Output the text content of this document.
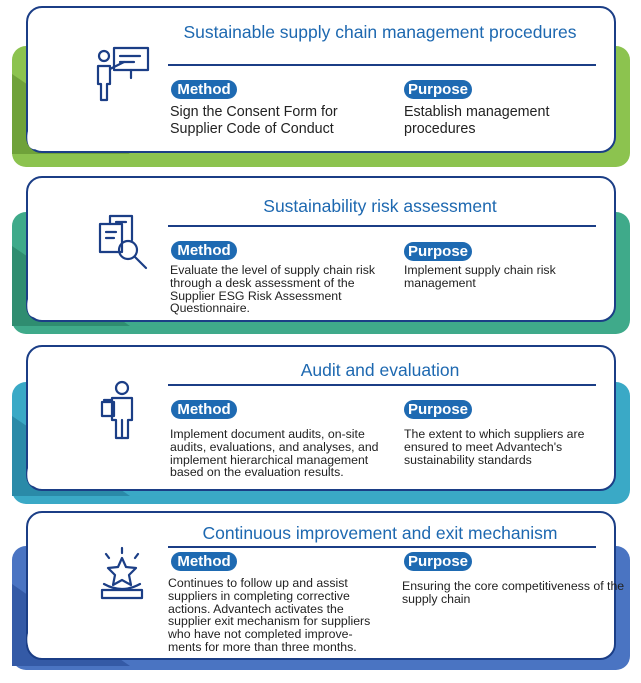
01
Sustainable supply chain management procedures
Method	Purpose
Sign the Consent Form for Supplier Code of Conduct
Establish management procedures
02
Sustainability risk assessment
Method	Purpose
Evaluate the level of supply chain risk through a desk assessment of the Supplier ESG Risk Assessment Questionnaire.
Implement supply chain risk management
03
Audit and evaluation
Method	Purpose
Implement document audits, on-site audits, evaluations, and analyses, and implement hierarchical management based on the evaluation results.
The extent to which suppliers are ensured to meet Advantech's sustainability standards
04
Continuous improvement and exit mechanism
Method	Purpose
Continues to follow up and assist suppliers in completing corrective actions. Advantech activates the supplier exit mechanism for suppliers who have not completed improve-ments for more than three months.
Ensuring the core competitiveness of the supply chain
